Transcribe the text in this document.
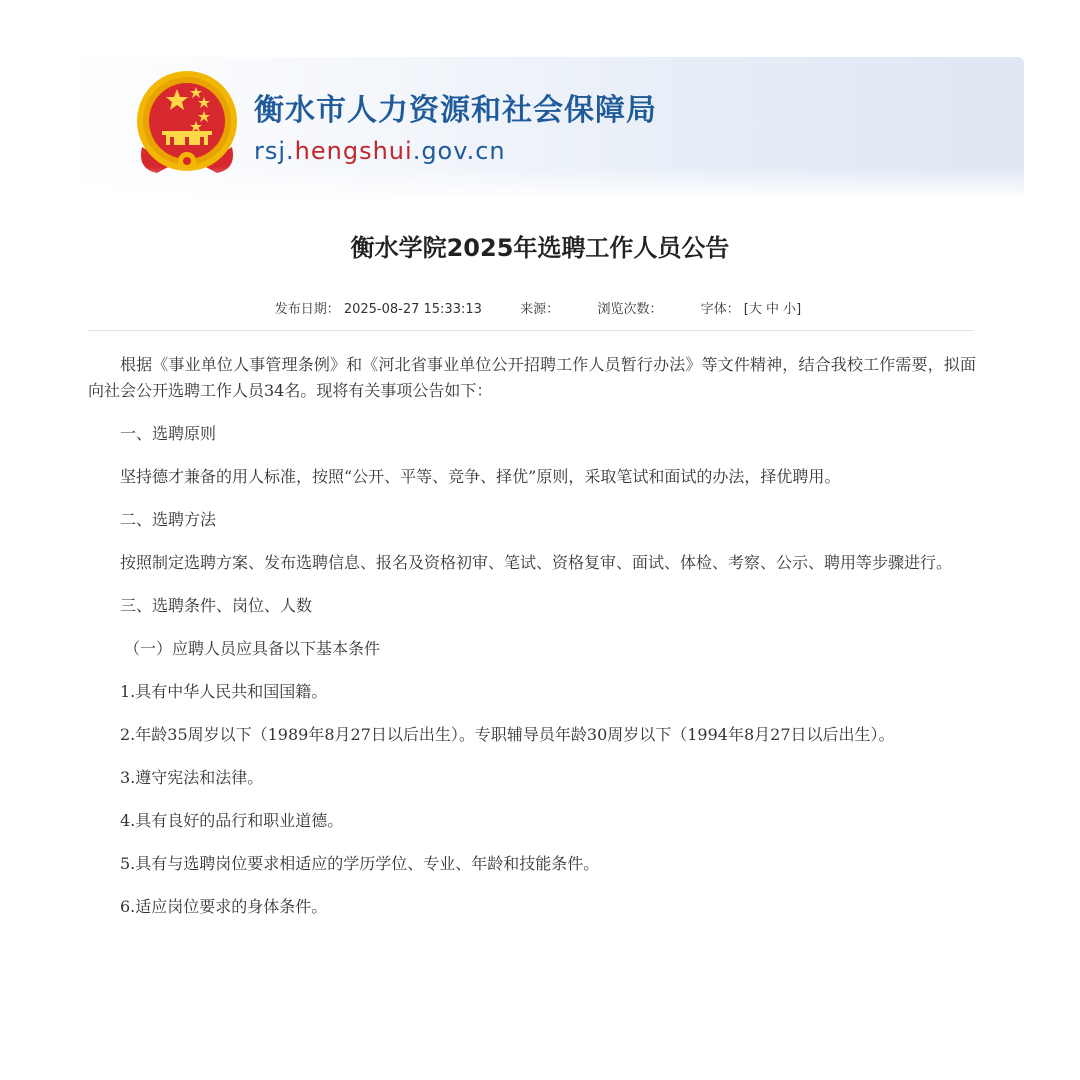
衡水市人力资源和社会保障局
rsj.hengshui.gov.cn
衡水学院2025年选聘工作人员公告
发布日期： 2025-08-27 15:33:13	来源：	浏览次数：	字体： [大 中 小]

根据《事业单位人事管理条例》和《河北省事业单位公开招聘工作人员暂行办法》等文件精神，结合我校工作需要，拟面向社会公开选聘工作人员34名。现将有关事项公告如下：

一、选聘原则

坚持德才兼备的用人标准，按照“公开、平等、竞争、择优”原则，采取笔试和面试的办法，择优聘用。

二、选聘方法

按照制定选聘方案、发布选聘信息、报名及资格初审、笔试、资格复审、面试、体检、考察、公示、聘用等步骤进行。

三、选聘条件、岗位、人数

（一）应聘人员应具备以下基本条件

1.具有中华人民共和国国籍。

2.年龄35周岁以下（1989年8月27日以后出生）。专职辅导员年龄30周岁以下（1994年8月27日以后出生）。

3.遵守宪法和法律。

4.具有良好的品行和职业道德。

5.具有与选聘岗位要求相适应的学历学位、专业、年龄和技能条件。

6.适应岗位要求的身体条件。
